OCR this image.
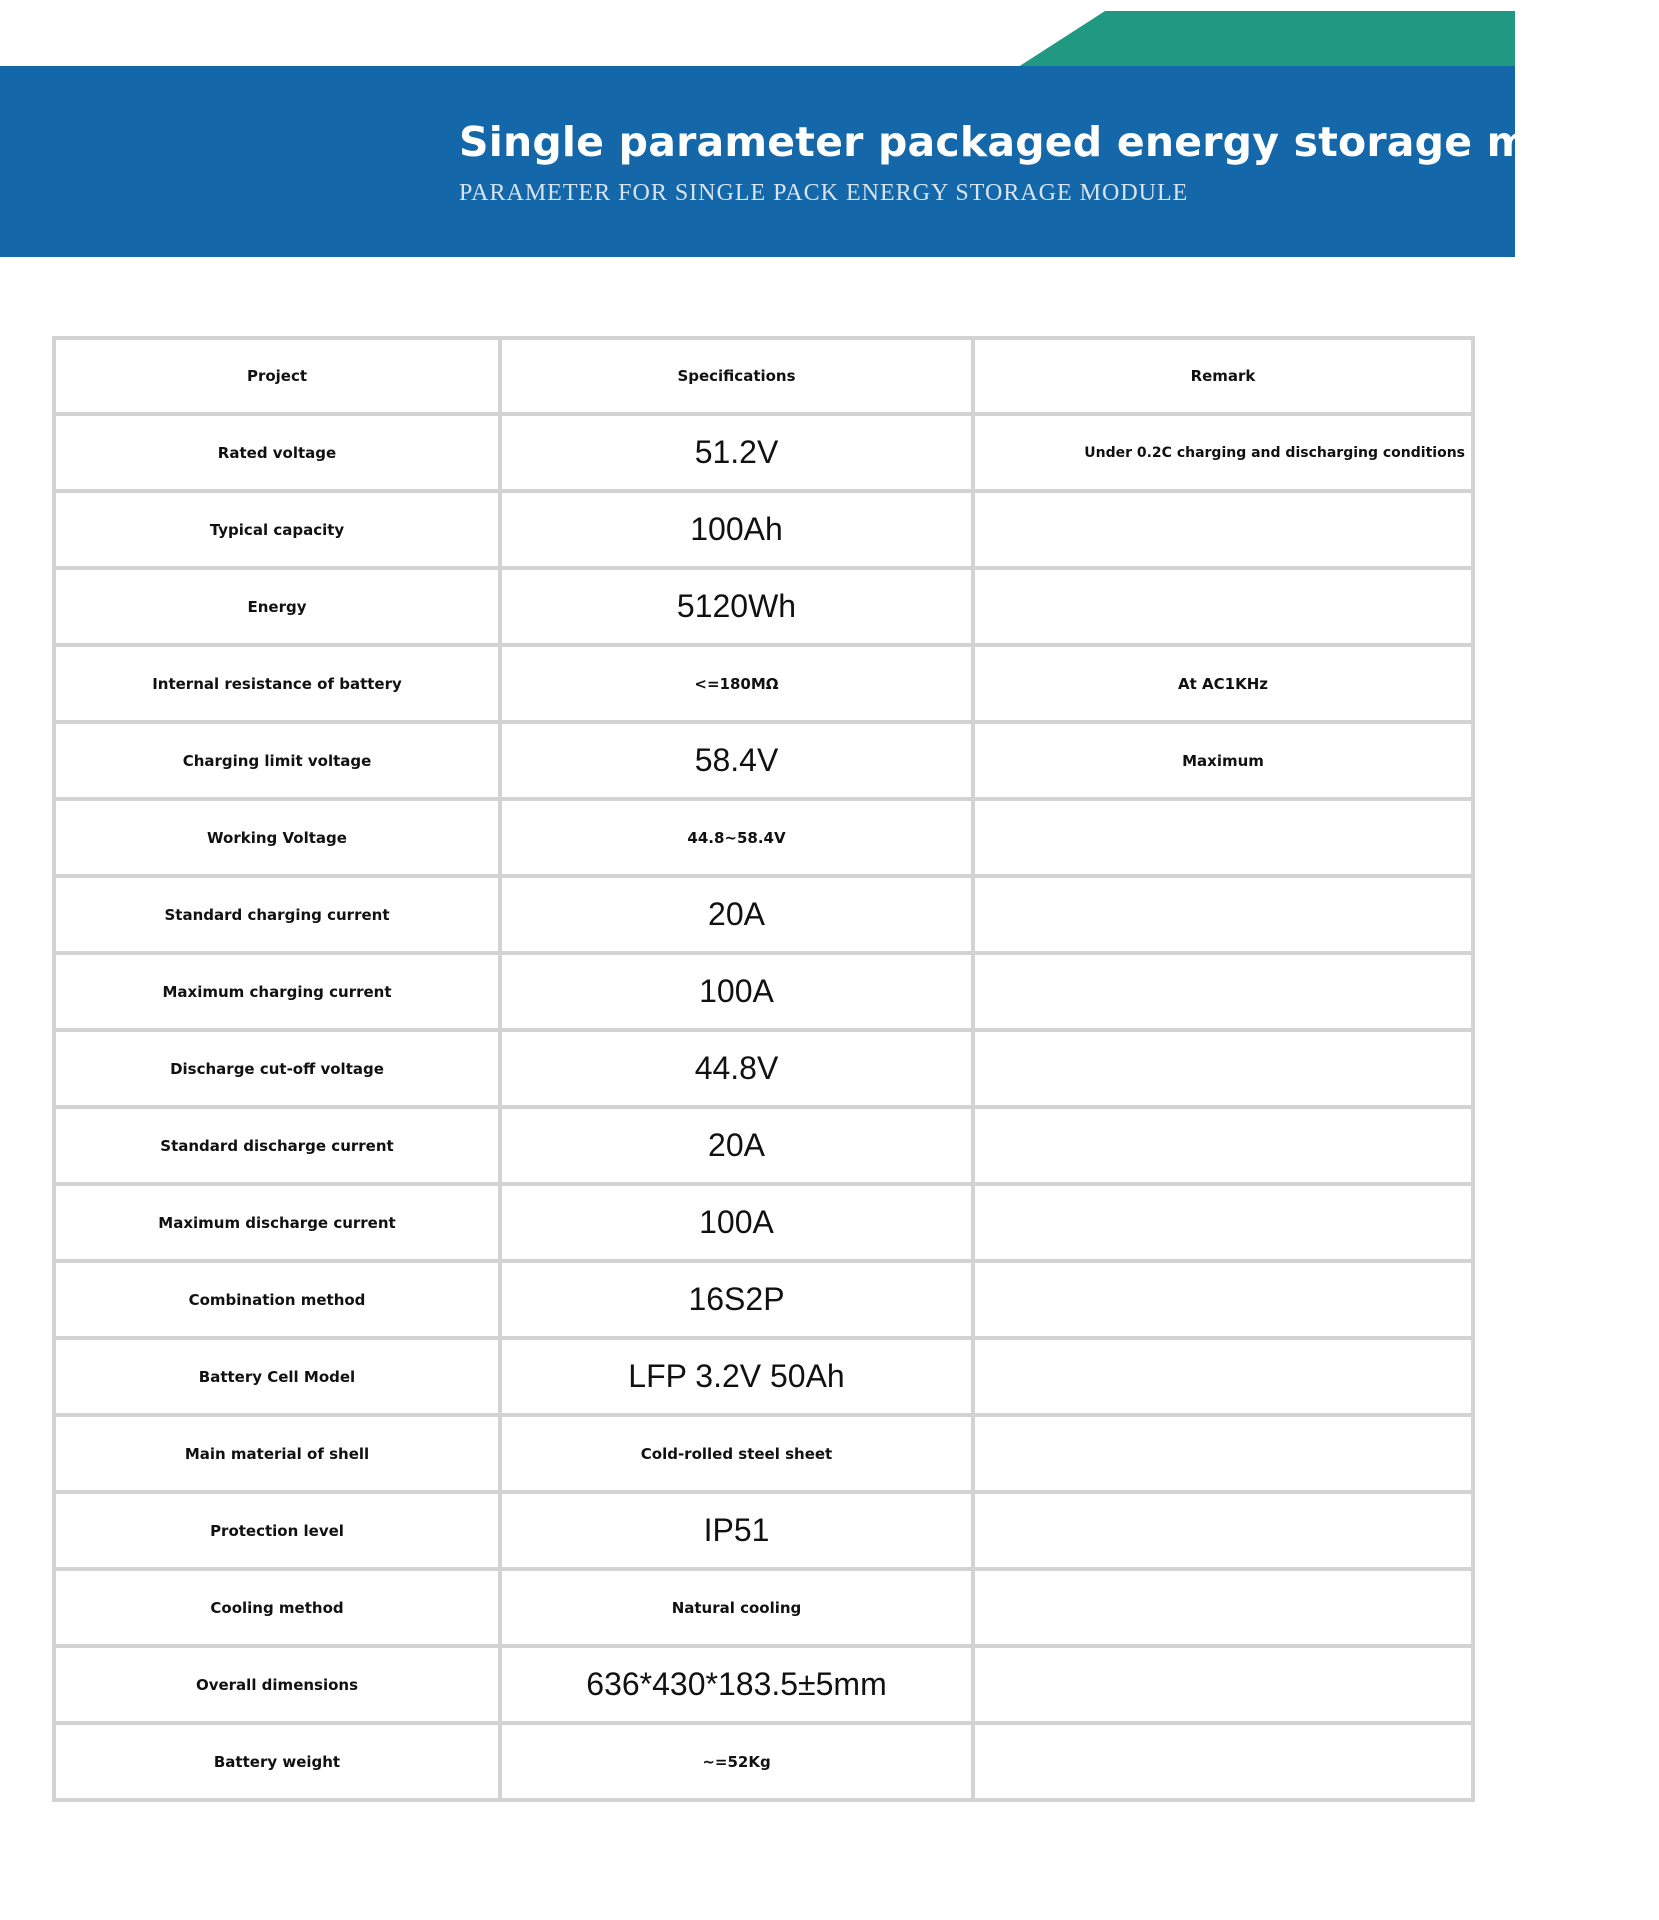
Single parameter packaged energy storage module

PARAMETER FOR SINGLE PACK ENERGY STORAGE MODULE

Project	Specifications	Remark
Rated voltage	51.2V	Under 0.2C charging and discharging conditions
Typical capacity	100Ah	
Energy	5120Wh	
Internal resistance of battery	<=180MΩ	At AC1KHz
Charging limit voltage	58.4V	Maximum
Working Voltage	44.8~58.4V	
Standard charging current	20A	
Maximum charging current	100A	
Discharge cut-off voltage	44.8V	
Standard discharge current	20A	
Maximum discharge current	100A	
Combination method	16S2P	
Battery Cell Model	LFP 3.2V 50Ah	
Main material of shell	Cold-rolled steel sheet	
Protection level	IP51	
Cooling method	Natural cooling	
Overall dimensions	636*430*183.5±5mm	
Battery weight	~=52Kg	
